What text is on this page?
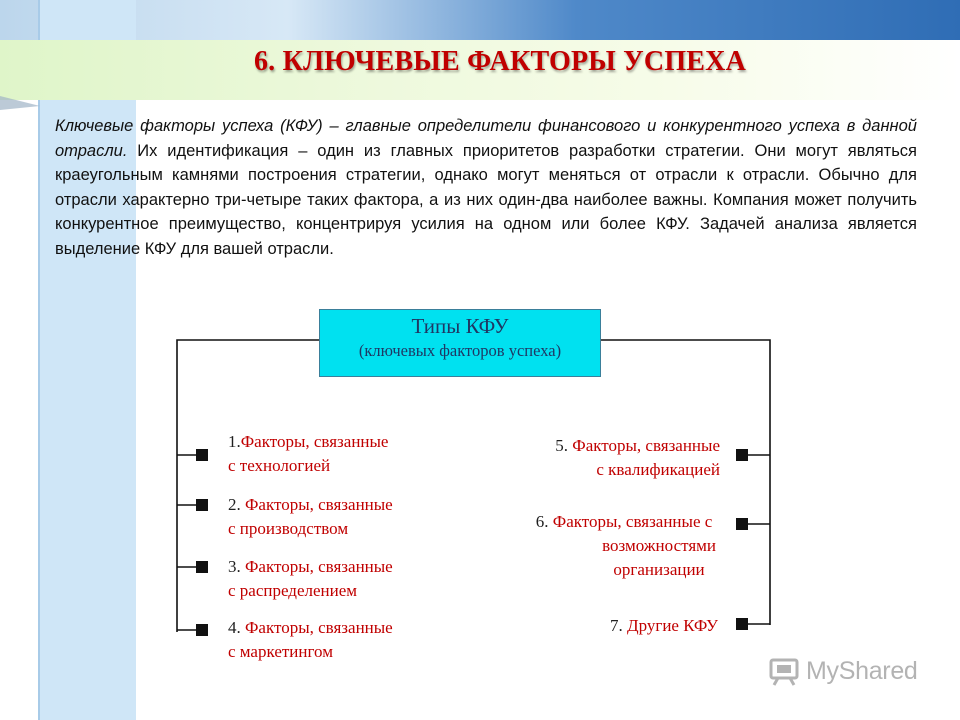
6. КЛЮЧЕВЫЕ ФАКТОРЫ УСПЕХА

Ключевые факторы успеха (КФУ) – главные определители финансового и конкурентного успеха в данной отрасли. Их идентификация – один из главных приоритетов разработки стратегии. Они могут являться краеугольным камнями построения стратегии, однако могут меняться от отрасли к отрасли. Обычно для отрасли характерно три-четыре таких фактора, а из них один-два наиболее важны. Компания может получить конкурентное преимущество, концентрируя усилия на одном или более КФУ. Задачей анализа является выделение КФУ для вашей отрасли.

Типы КФУ
(ключевых факторов успеха)
1.Факторы, связанные
с технологией
2. Факторы, связанные
с производством
3. Факторы, связанные
с распределением
4. Факторы, связанные
с маркетингом
5. Факторы, связанные
с квалификацией
6. Факторы, связанные с
возможностями
организации
7. Другие КФУ
MyShared
